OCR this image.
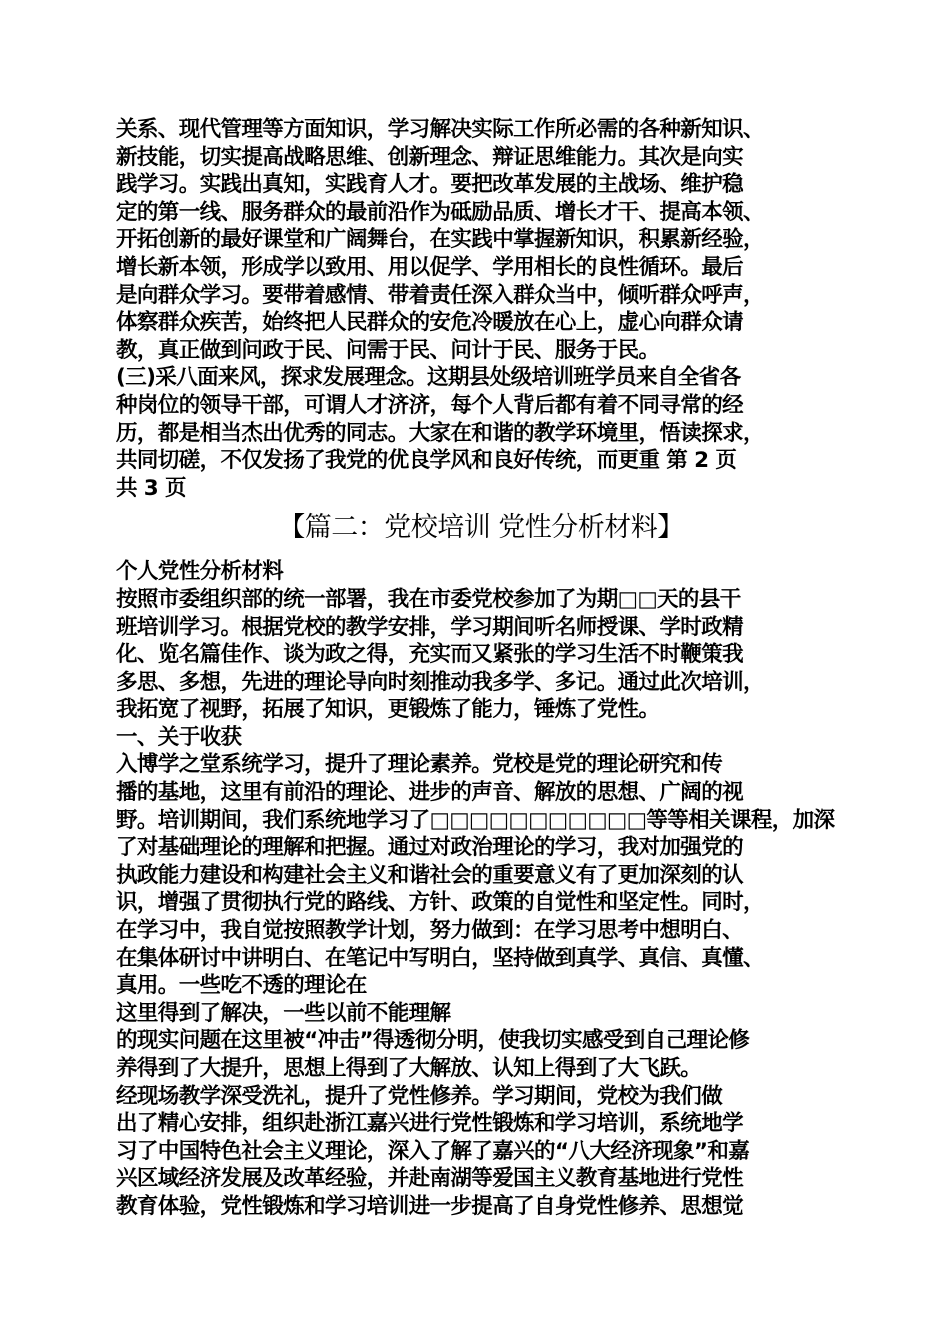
关系、现代管理等方面知识，学习解决实际工作所必需的各种新知识、
新技能，切实提高战略思维、创新理念、辩证思维能力。其次是向实
践学习。实践出真知，实践育人才。要把改革发展的主战场、维护稳
定的第一线、服务群众的最前沿作为砥励品质、增长才干、提高本领、
开拓创新的最好课堂和广阔舞台，在实践中掌握新知识，积累新经验，
增长新本领，形成学以致用、用以促学、学用相长的良性循环。最后
是向群众学习。要带着感情、带着责任深入群众当中，倾听群众呼声，
体察群众疾苦，始终把人民群众的安危冷暖放在心上，虚心向群众请
教，真正做到问政于民、问需于民、问计于民、服务于民。
(三)采八面来风，探求发展理念。这期县处级培训班学员来自全省各
种岗位的领导干部，可谓人才济济，每个人背后都有着不同寻常的经
历，都是相当杰出优秀的同志。大家在和谐的教学环境里，悟读探求，
共同切磋，不仅发扬了我党的优良学风和良好传统，而更重 第 2 页
共 3 页
【篇二：党校培训 党性分析材料】
个人党性分析材料
按照市委组织部的统一部署，我在市委党校参加了为期□□天的县干
班培训学习。根据党校的教学安排，学习期间听名师授课、学时政精
化、览名篇佳作、谈为政之得，充实而又紧张的学习生活不时鞭策我
多思、多想，先进的理论导向时刻推动我多学、多记。通过此次培训，
我拓宽了视野，拓展了知识，更锻炼了能力，锤炼了党性。
一、关于收获
入博学之堂系统学习，提升了理论素养。党校是党的理论研究和传
播的基地，这里有前沿的理论、进步的声音、解放的思想、广阔的视
野。培训期间，我们系统地学习了□□□□□□□□□□□等等相关课程，加深
了对基础理论的理解和把握。通过对政治理论的学习，我对加强党的
执政能力建设和构建社会主义和谐社会的重要意义有了更加深刻的认
识，增强了贯彻执行党的路线、方针、政策的自觉性和坚定性。同时，
在学习中，我自觉按照教学计划，努力做到：在学习思考中想明白、
在集体研讨中讲明白、在笔记中写明白，坚持做到真学、真信、真懂、
真用。一些吃不透的理论在
这里得到了解决，一些以前不能理解
的现实问题在这里被“冲击”得透彻分明，使我切实感受到自己理论修
养得到了大提升，思想上得到了大解放、认知上得到了大飞跃。
经现场教学深受洗礼，提升了党性修养。学习期间，党校为我们做
出了精心安排，组织赴浙江嘉兴进行党性锻炼和学习培训，系统地学
习了中国特色社会主义理论，深入了解了嘉兴的“八大经济现象”和嘉
兴区域经济发展及改革经验，并赴南湖等爱国主义教育基地进行党性
教育体验，党性锻炼和学习培训进一步提高了自身党性修养、思想觉
